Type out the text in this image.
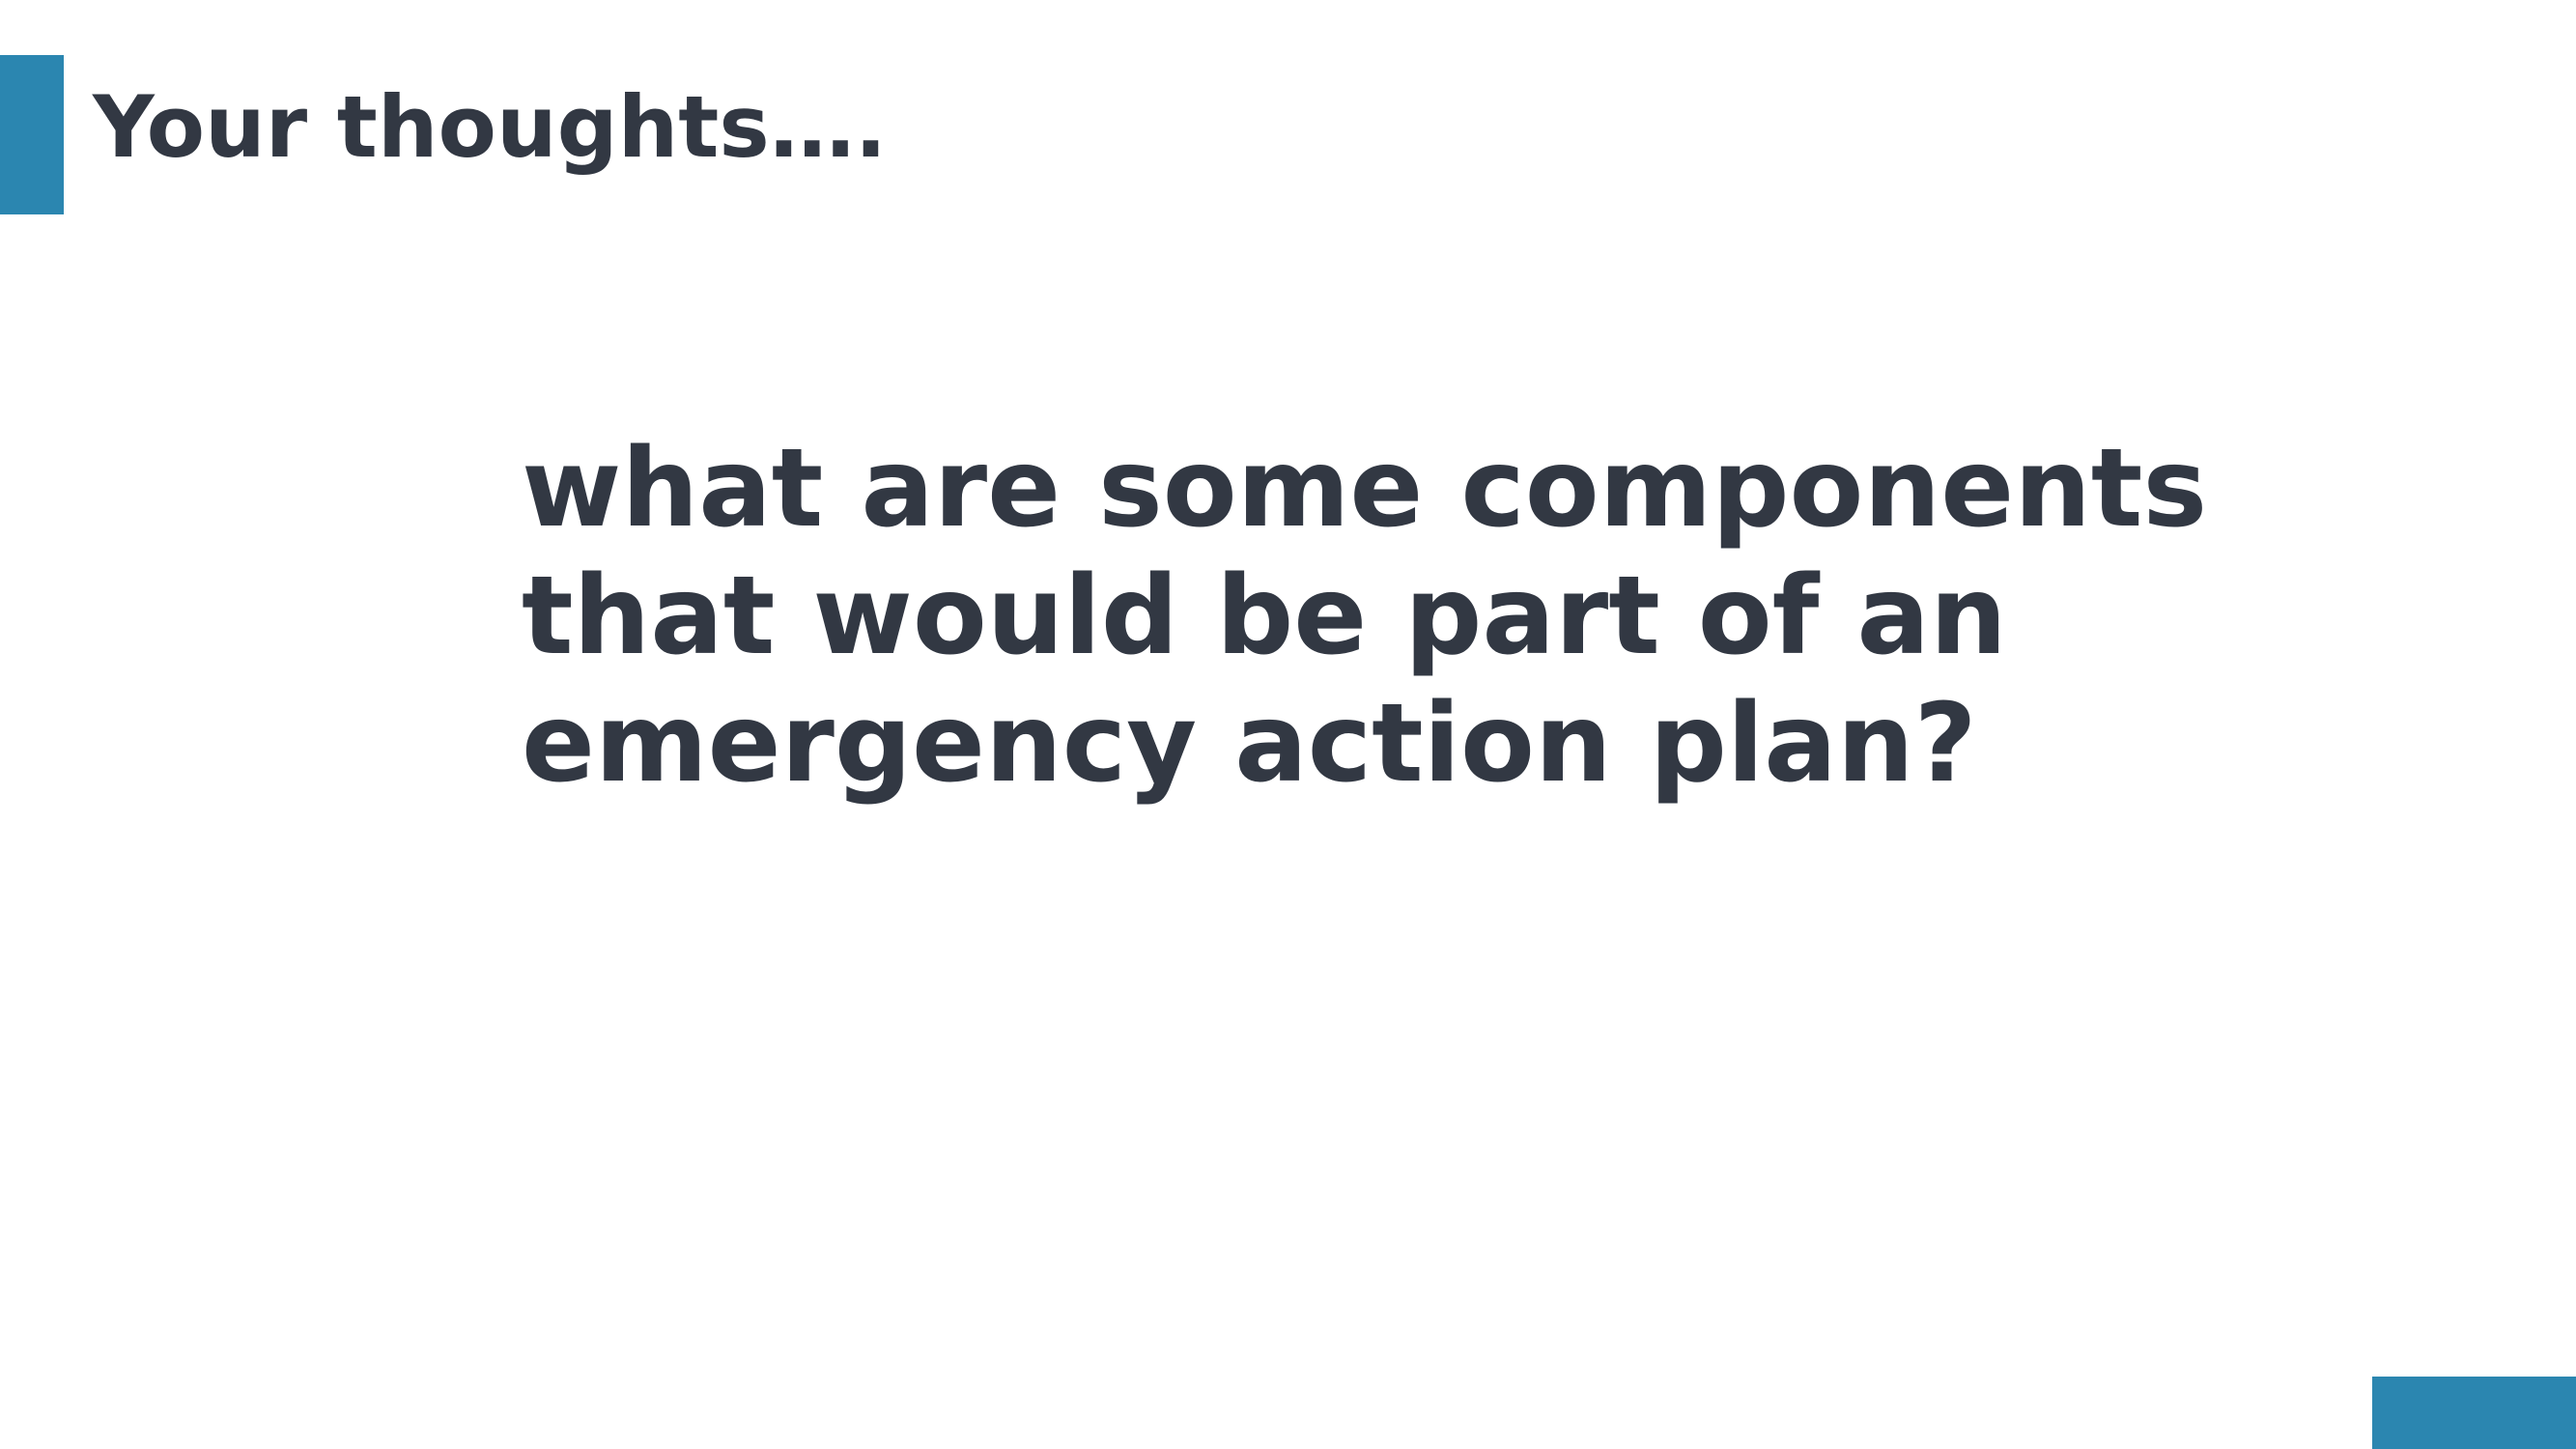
Your thoughts….

what are some components
that would be part of an
emergency action plan?
